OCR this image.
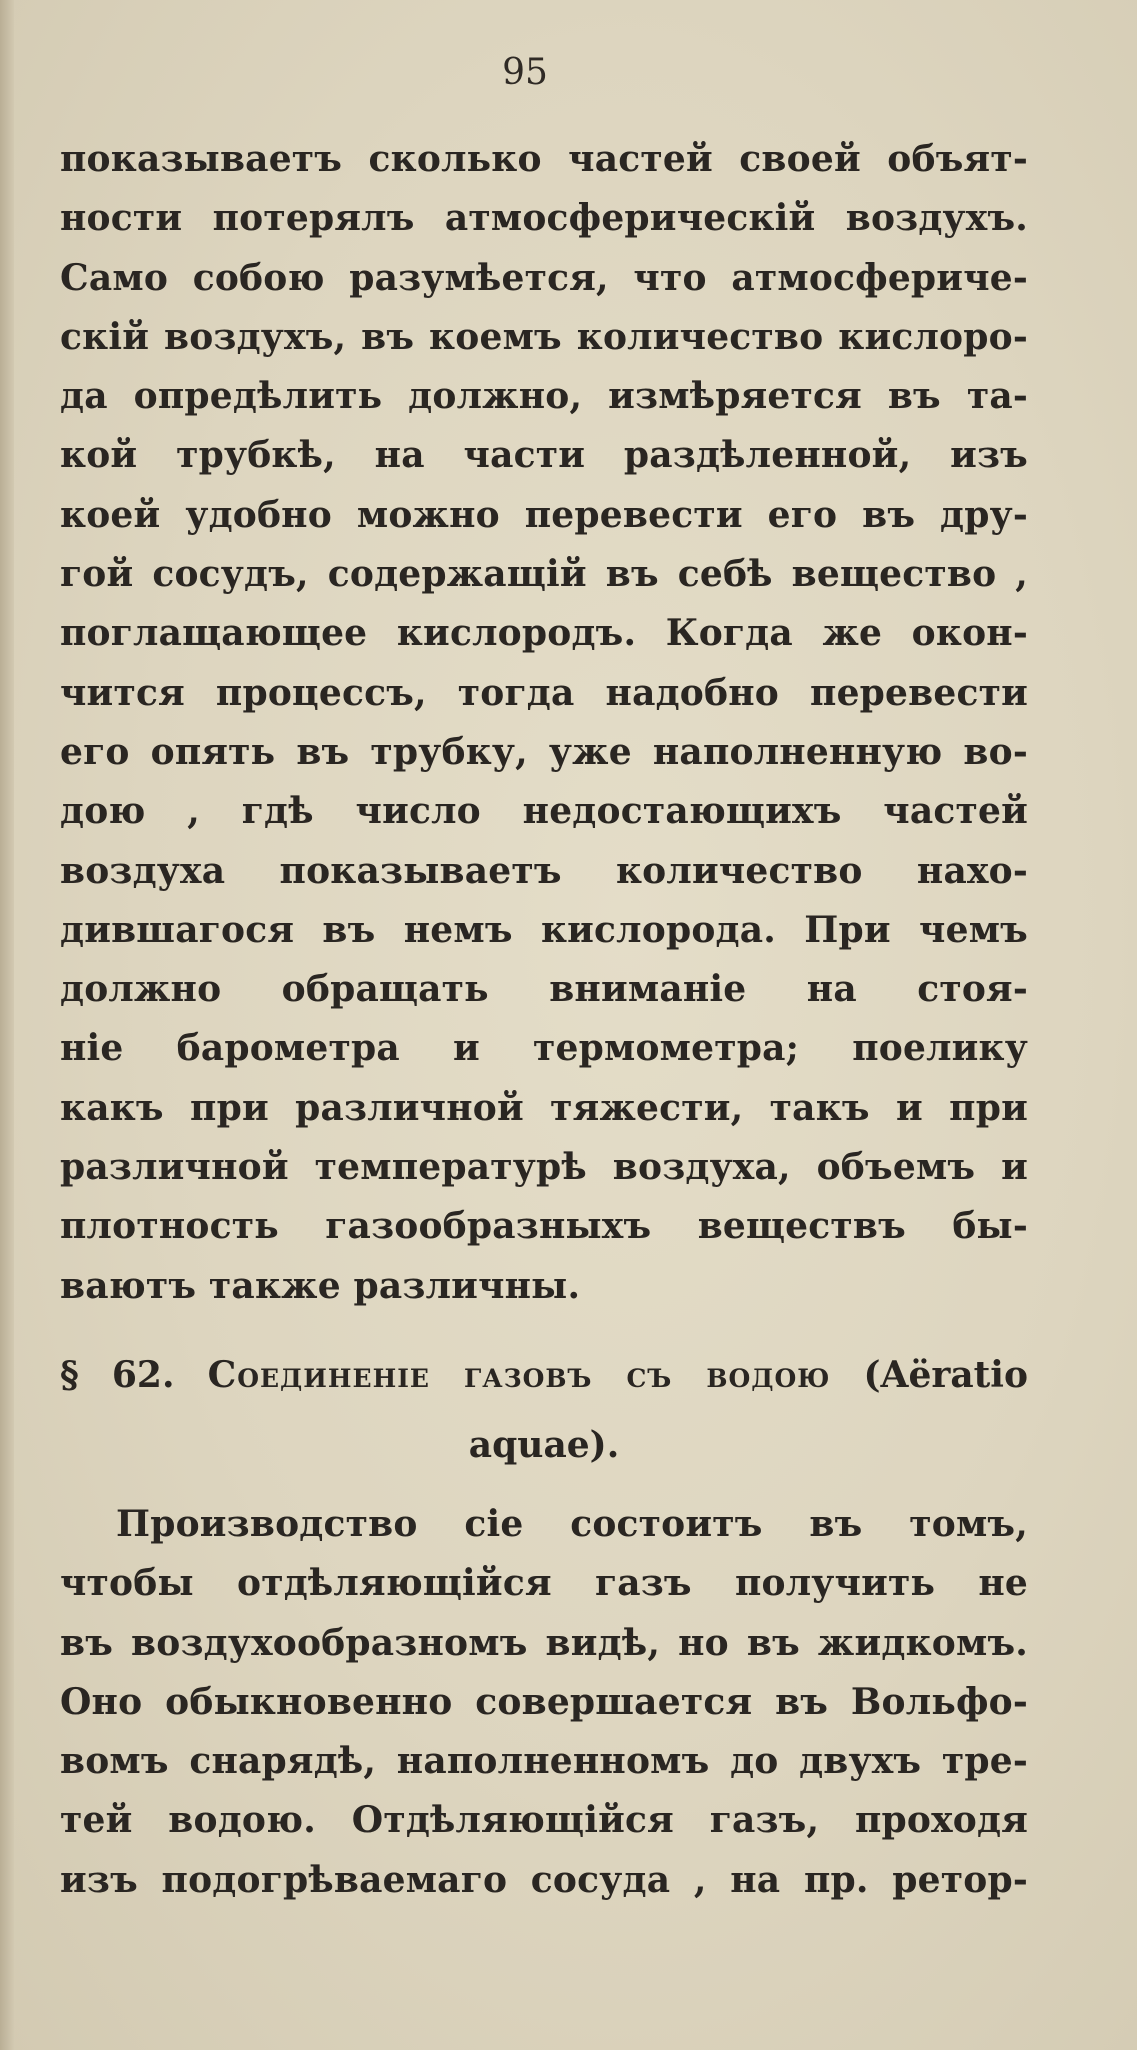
95
показываетъ сколько частей своей объят-
ности потерялъ атмосферическій воздухъ.
Само собою разумѣется, что атмосфериче-
скій воздухъ, въ коемъ количество кислоро-
да опредѣлить должно, измѣряется въ та-
кой трубкѣ, на части раздѣленной, изъ
коей удобно можно перевести его въ дру-
гой сосудъ, содержащій въ себѣ вещество ,
поглащающее кислородъ. Когда же окон-
чится процессъ, тогда надобно перевести
его опять въ трубку, уже наполненную во-
дою , гдѣ число недостающихъ частей
воздуха показываетъ количество нахо-
дившагося въ немъ кислорода. При чемъ
должно обращать вниманіе на стоя-
ніе барометра и термометра; поелику
какъ при различной тяжести, такъ и при
различной температурѣ воздуха, объемъ и
плотность газообразныхъ веществъ бы-
ваютъ также различны.
§ 62. Соединеніе газовъ съ водою (Aёratio
aquae).
Производство сіе состоитъ въ томъ,
чтобы отдѣляющійся газъ получить не
въ воздухообразномъ видѣ, но въ жидкомъ.
Оно обыкновенно совершается въ Вольфо-
вомъ снарядѣ, наполненномъ до двухъ тре-
тей водою. Отдѣляющійся газъ, проходя
изъ подогрѣваемаго сосуда , на пр. ретор-
